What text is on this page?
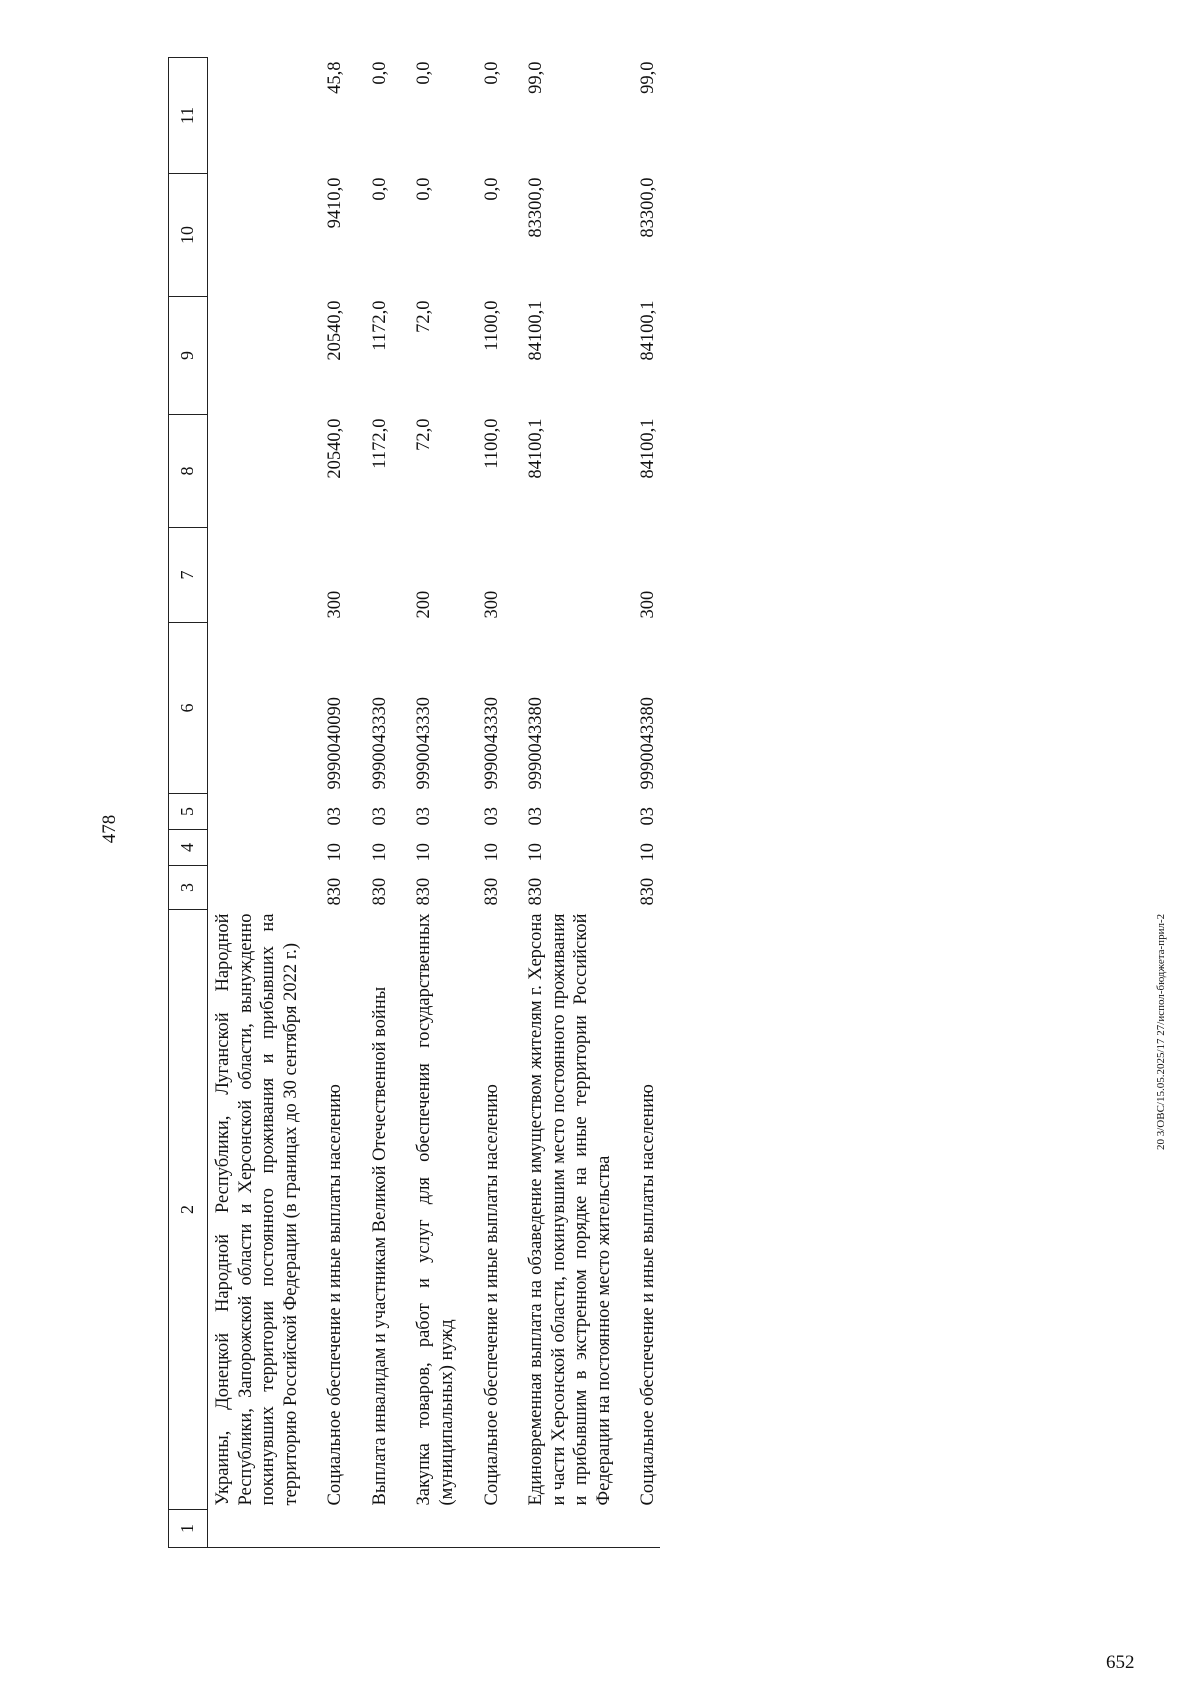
478
1	2	3	4	5	6	7	8	9	10	11
	Украины, Донецкой Народной Республики, Луганской Народной Республики, Запорожской области и Херсонской области, вынужденно покинувших территории постоянного проживания и прибывших на территорию Российской Федерации (в границах до 30 сентября 2022 г.)									
	Социальное обеспечение и иные выплаты населению	830	10	03	9990040090	300	20540,0	20540,0	9410,0	45,8
	Выплата инвалидам и участникам Великой Отечественной войны	830	10	03	9990043330		1172,0	1172,0	0,0	0,0
	Закупка товаров, работ и услуг для обеспечения государственных (муниципальных) нужд	830	10	03	9990043330	200	72,0	72,0	0,0	0,0
	Социальное обеспечение и иные выплаты населению	830	10	03	9990043330	300	1100,0	1100,0	0,0	0,0
	Единовременная выплата на обзаведение имуществом жителям г. Херсона и части Херсонской области, покинувшим место постоянного проживания и прибывшим в экстренном порядке на иные территории Российской Федерации на постоянное место жительства	830	10	03	9990043380		84100,1	84100,1	83300,0	99,0
	Социальное обеспечение и иные выплаты населению	830	10	03	9990043380	300	84100,1	84100,1	83300,0	99,0
20 3/OBC/15.05.2025/17 27/испол-бюджета-прил-2
652
